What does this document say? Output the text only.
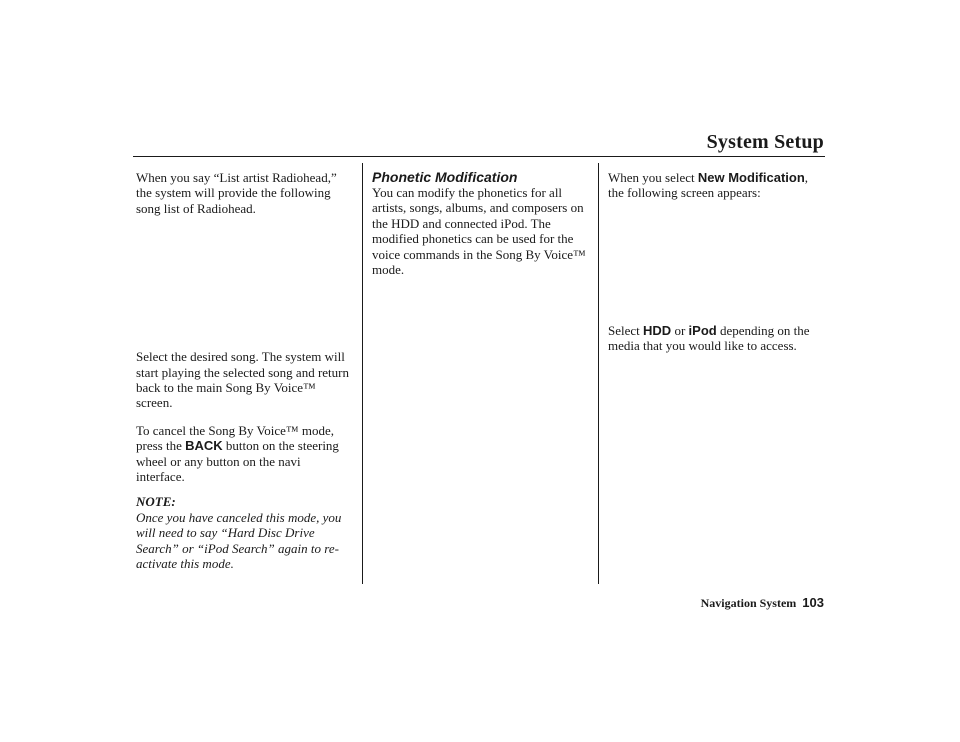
System Setup

When you say “List artist Radiohead,” the system will provide the following song list of Radiohead.

Select the desired song. The system will start playing the selected song and return back to the main Song By Voice™ screen.

To cancel the Song By Voice™ mode, press the BACK button on the steering wheel or any button on the navi interface.

NOTE:

Once you have canceled this mode, you will need to say “Hard Disc Drive Search” or “iPod Search” again to re-activate this mode.

Phonetic Modification

You can modify the phonetics for all artists, songs, albums, and composers on the HDD and connected iPod. The modified phonetics can be used for the voice commands in the Song By Voice™ mode.

When you select New Modification, the following screen appears:

Select HDD or iPod depending on the media that you would like to access.

Navigation System 103
